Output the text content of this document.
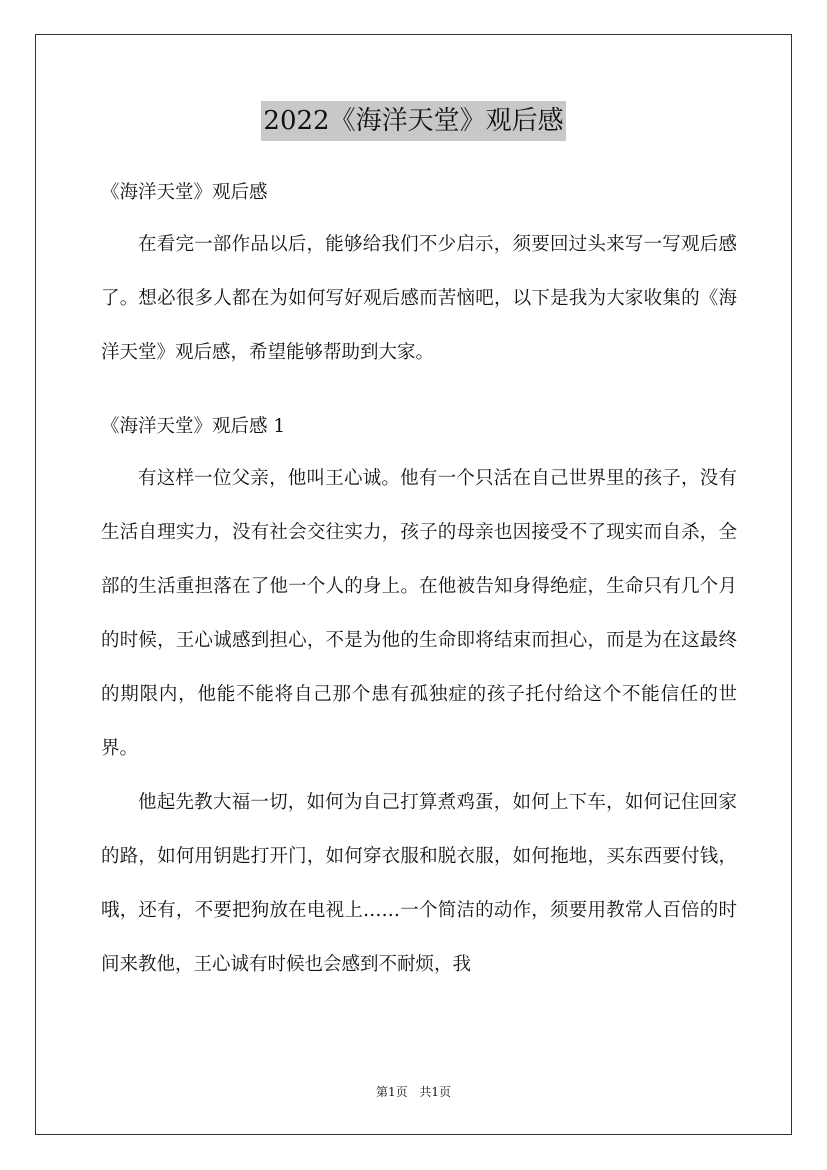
2022《海洋天堂》观后感
《海洋天堂》观后感

在看完一部作品以后，能够给我们不少启示，须要回过头来写一写观后感了。想必很多人都在为如何写好观后感而苦恼吧，以下是我为大家收集的《海洋天堂》观后感，希望能够帮助到大家。

《海洋天堂》观后感 1

有这样一位父亲，他叫王心诚。他有一个只活在自己世界里的孩子，没有生活自理实力，没有社会交往实力，孩子的母亲也因接受不了现实而自杀，全部的生活重担落在了他一个人的身上。在他被告知身得绝症，生命只有几个月的时候，王心诚感到担心，不是为他的生命即将结束而担心，而是为在这最终的期限内，他能不能将自己那个患有孤独症的孩子托付给这个不能信任的世界。

他起先教大福一切，如何为自己打算煮鸡蛋，如何上下车，如何记住回家的路，如何用钥匙打开门，如何穿衣服和脱衣服，如何拖地，买东西要付钱，哦，还有，不要把狗放在电视上……一个简洁的动作，须要用教常人百倍的时间来教他，王心诚有时候也会感到不耐烦，我

第1页 共1页
